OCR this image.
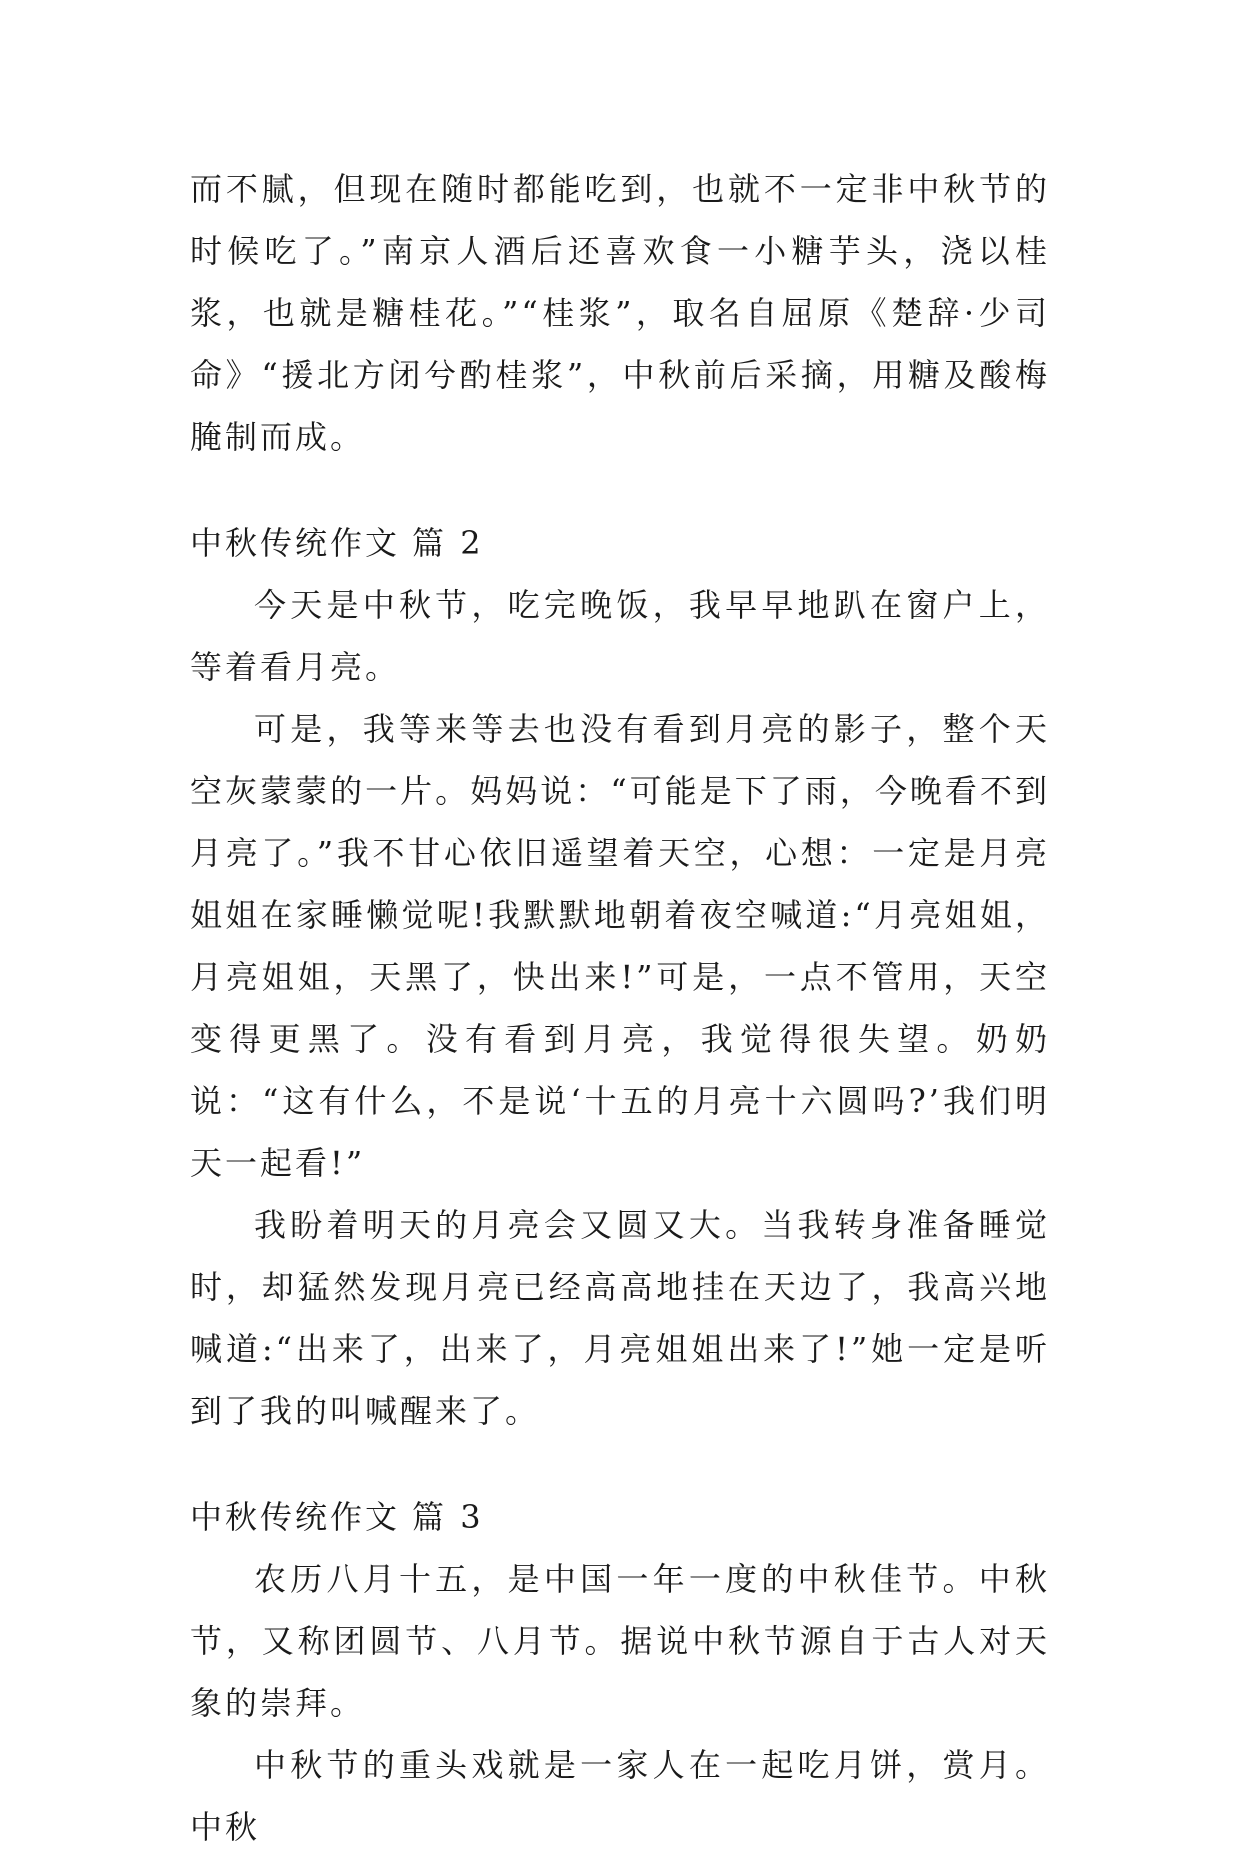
而不腻，但现在随时都能吃到，也就不一定非中秋节的时候吃了。”南京人酒后还喜欢食一小糖芋头，浇以桂浆，也就是糖桂花。”“桂浆”，取名自屈原《楚辞·少司命》“援北方闭兮酌桂浆”，中秋前后采摘，用糖及酸梅腌制而成。

中秋传统作文 篇 2

今天是中秋节，吃完晚饭，我早早地趴在窗户上，等着看月亮。

可是，我等来等去也没有看到月亮的影子，整个天空灰蒙蒙的一片。妈妈说：“可能是下了雨，今晚看不到月亮了。”我不甘心依旧遥望着天空，心想：一定是月亮姐姐在家睡懒觉呢!我默默地朝着夜空喊道:“月亮姐姐，月亮姐姐，天黑了，快出来!”可是，一点不管用，天空变得更黑了。没有看到月亮，我觉得很失望。奶奶说：“这有什么，不是说‘十五的月亮十六圆吗?’我们明天一起看!”

我盼着明天的月亮会又圆又大。当我转身准备睡觉时，却猛然发现月亮已经高高地挂在天边了，我高兴地喊道:“出来了，出来了，月亮姐姐出来了!”她一定是听到了我的叫喊醒来了。

中秋传统作文 篇 3

农历八月十五，是中国一年一度的中秋佳节。中秋节，又称团圆节、八月节。据说中秋节源自于古人对天象的崇拜。

中秋节的重头戏就是一家人在一起吃月饼，赏月。中秋
